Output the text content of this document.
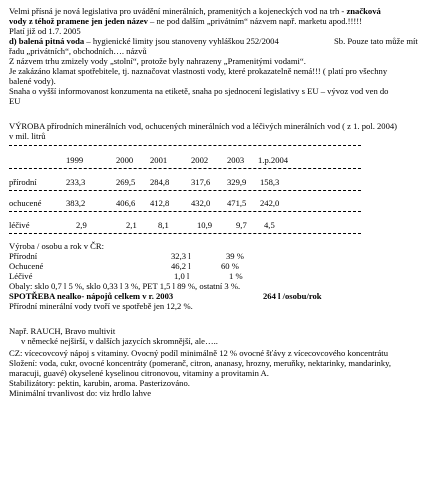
Velmi přísná je nová legislativa pro uvádění minerálních, pramenitých a kojeneckých vod na trh - značková
vody z téhož pramene jen jeden název – ne pod dalším „privátním“ názvem např. marketu apod.!!!!!
Platí již od 1.7. 2005
d) balená pitná voda – hygienické limity jsou stanoveny vyhláškou 252/2004	Sb. Pouze tato může mít
řadu „privátních“, obchodních…. názvů
Z názvem trhu zmizely vody „stolní“, protože byly nahrazeny „Pramenitými vodami“.
Je zakázáno klamat spotřebitele, tj. naznačovat vlastnosti vody, které prokazatelně nemá!!! ( platí pro všechny
balené vody).
Snaha o vyšší informovanost konzumenta na etiketě, snaha po sjednocení legislativy s EU – vývoz vod ven do
EU
VÝROBA přírodních minerálních vod, ochucených minerálních vod a léčivých minerálních vod ( z 1. pol. 2004)
v mil. litrů
1999	2000 2001	2002 2003 1.p.2004
přírodní	233,3	269,5 284,8	317,6 329,9 158,3
ochucené	383,2	406,6 412,8	432,0 471,5 242,0
léčivé	2,9	2,1 8,1	10,9	9,7 4,5
Výroba / osobu a rok v ČR:
Přírodní	32,3 l	39 %
Ochucené	46,2 l	60 %
Léčivé	1,0 l	1 %
Obaly: sklo 0,7 l 5 %, sklo 0,33 l 3 %, PET 1,5 l 89 %, ostatní 3 %.
SPOTŘEBA nealko- nápojů celkem v r. 2003	264 l /osobu/rok
Přírodní minerální vody tvoří ve spotřebě jen 12,2 %.
Např. RAUCH, Bravo multivit
v německé nejširší, v dalších jazycích skromnější, ale…..
CZ: vícecovcový nápoj s vitaminy. Ovocný podíl minimálně 12 % ovocné šťávy z vícecovcového koncentrátu
Složení: voda, cukr, ovocné koncentráty (pomeranč, citron, ananasy, hrozny, meruňky, nektarinky, mandarinky,
maracuji, guavé) okyselené kyselinou citronovou, vitaminy a provitamin A.
Stabilizátory: pektin, karubin, aroma. Pasterizováno.
Minimální trvanlivost do: viz hrdlo lahve
